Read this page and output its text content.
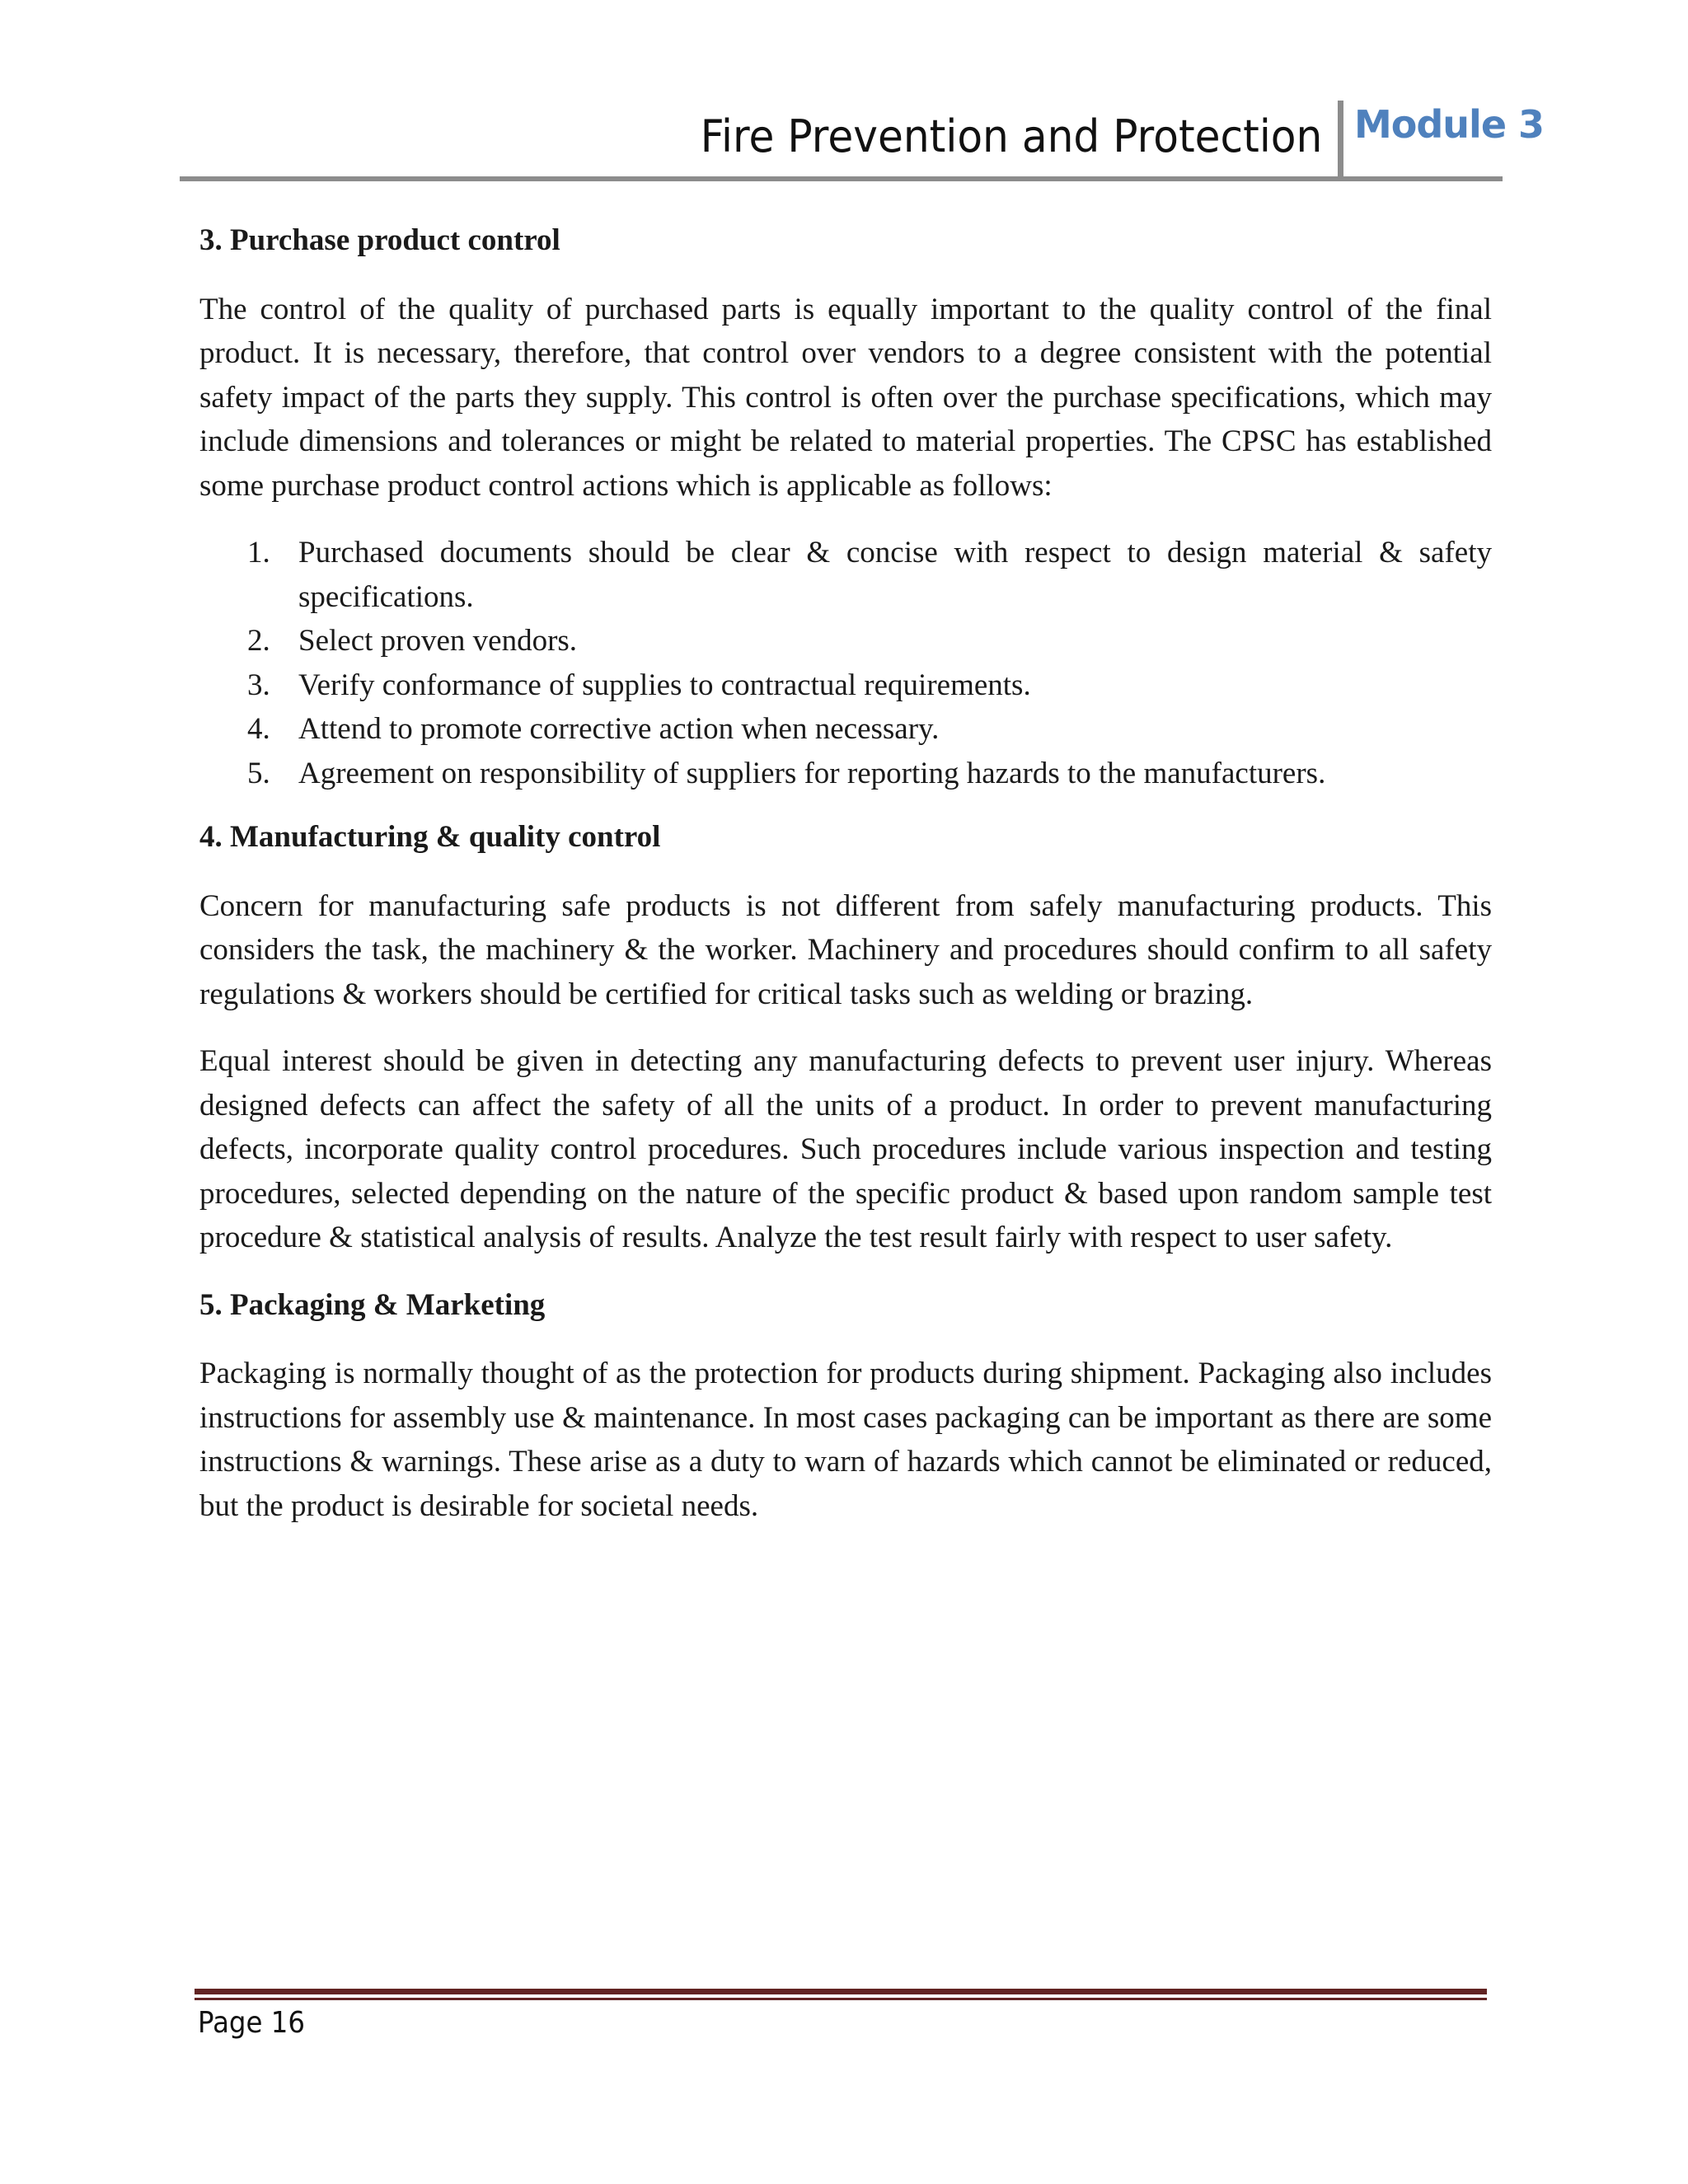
Fire Prevention and Protection Module 3
3. Purchase product control

The control of the quality of purchased parts is equally important to the quality control of the final product. It is necessary, therefore, that control over vendors to a degree consistent with the potential safety impact of the parts they supply. This control is often over the purchase specifications, which may include dimensions and tolerances or might be related to material properties. The CPSC has established some purchase product control actions which is applicable as follows:

1. Purchased documents should be clear & concise with respect to design material & safety specifications.
2. Select proven vendors.
3. Verify conformance of supplies to contractual requirements.
4. Attend to promote corrective action when necessary.
5. Agreement on responsibility of suppliers for reporting hazards to the manufacturers.
4. Manufacturing & quality control

Concern for manufacturing safe products is not different from safely manufacturing products. This considers the task, the machinery & the worker. Machinery and procedures should confirm to all safety regulations & workers should be certified for critical tasks such as welding or brazing.

Equal interest should be given in detecting any manufacturing defects to prevent user injury. Whereas designed defects can affect the safety of all the units of a product. In order to prevent manufacturing defects, incorporate quality control procedures. Such procedures include various inspection and testing procedures, selected depending on the nature of the specific product & based upon random sample test procedure & statistical analysis of results. Analyze the test result fairly with respect to user safety.

5. Packaging & Marketing

Packaging is normally thought of as the protection for products during shipment. Packaging also includes instructions for assembly use & maintenance. In most cases packaging can be important as there are some instructions & warnings. These arise as a duty to warn of hazards which cannot be eliminated or reduced, but the product is desirable for societal needs.

Page 16
